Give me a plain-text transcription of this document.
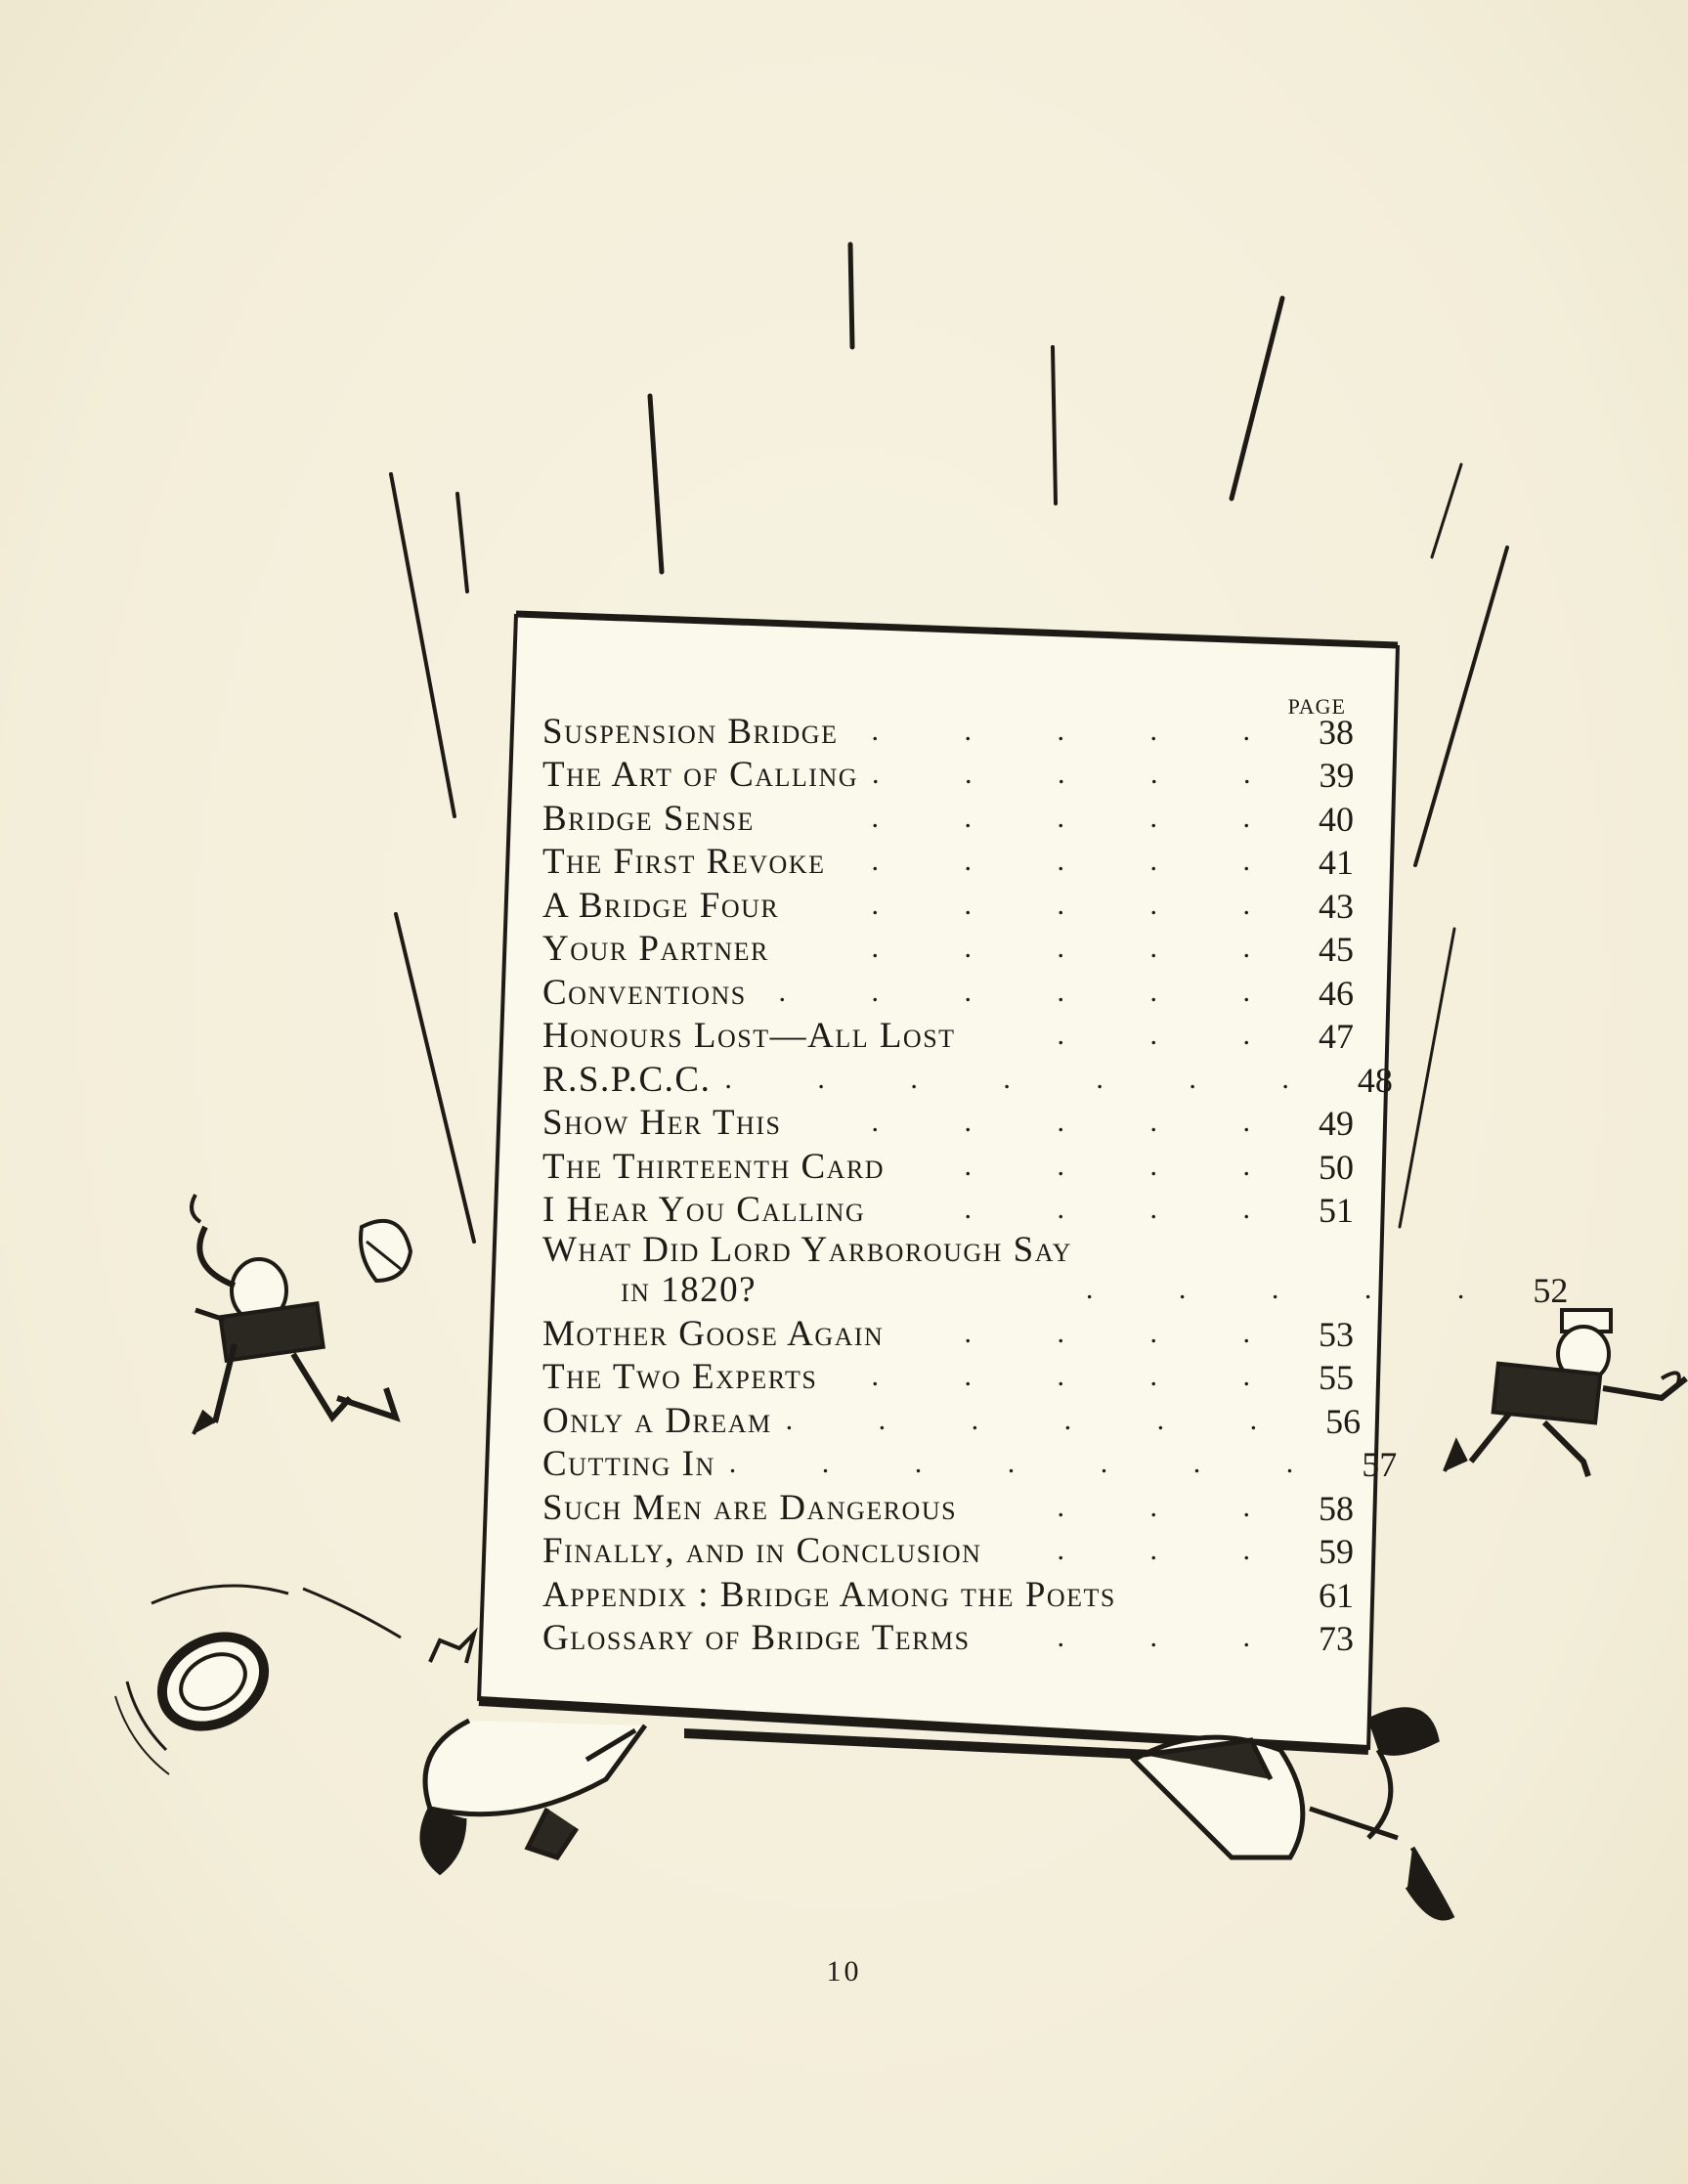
PAGE
Suspension Bridge	. . . . . 38
The Art of Calling . . . . . 39
Bridge Sense	. . . . . 40
The First Revoke	. . . . . 41
A Bridge Four	. . . . . 43
Your Partner	. . . . . 45
Conventions	. . . . . . 46
Honours Lost—All Lost	. . . 47
R.S.P.C.C. . . . . . . . 48
Show Her This	. . . . . 49
The Thirteenth Card	. . . . 50
I Hear You Calling	. . . . 51
What Did Lord Yarborough Say
in 1820?	. . . . . 52
Mother Goose Again	. . . . 53
The Two Experts	. . . . . 55
Only a Dream . . . . . . 56
Cutting In . . . . . . . 57
Such Men are Dangerous	. . . 58
Finally, and in Conclusion	. . . 59
Appendix : Bridge Among the Poets	61
Glossary of Bridge Terms	. . . 73
10
